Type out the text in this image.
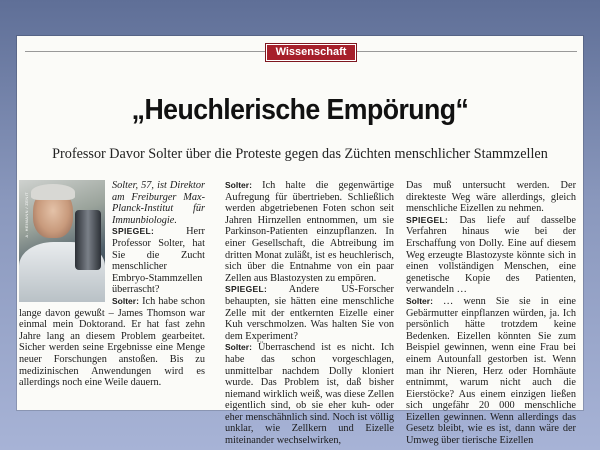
Wissenschaft
„Heuchlerische Empörung“
Professor Davor Solter über die Proteste gegen das Züchten menschlicher Stammzellen
A. HEIMANN / ZENIT

Solter, 57, ist Direktor am Freiburger Max-Planck-Institut für Immunbiologie.

SPIEGEL: Herr Professor Solter, hat Sie die Zucht menschlicher Embryo-Stammzellen überrascht?

Solter: Ich habe schon lange davon gewußt – James Thomson war einmal mein Doktorand. Er hat fast zehn Jahre lang an diesem Problem gearbeitet. Sicher werden seine Ergebnisse eine Menge neuer Forschungen anstoßen. Bis zu medizinischen Anwendungen wird es allerdings noch eine Weile dauern.

Solter: Ich halte die gegenwärtige Aufregung für übertrieben. Schließlich werden abgetriebenen Foten schon seit Jahren Hirnzellen entnommen, um sie Parkinson-Patienten einzupflanzen. In einer Gesellschaft, die Abtreibung im dritten Monat zuläßt, ist es heuchlerisch, sich über die Entnahme von ein paar Zellen aus Blastozysten zu empören.

SPIEGEL: Andere US-Forscher behaupten, sie hätten eine menschliche Zelle mit der entkernten Eizelle einer Kuh verschmolzen. Was halten Sie von dem Experiment?

Solter: Überraschend ist es nicht. Ich habe das schon vorgeschlagen, unmittelbar nachdem Dolly kloniert wurde. Das Problem ist, daß bisher niemand wirklich weiß, was diese Zellen eigentlich sind, ob sie eher kuh- oder eher menschähnlich sind. Noch ist völlig unklar, wie Zellkern und Eizelle miteinander wechselwirken,

Das muß untersucht werden. Der direkteste Weg wäre allerdings, gleich menschliche Eizellen zu nehmen.

SPIEGEL: Das liefe auf dasselbe Verfahren hinaus wie bei der Erschaffung von Dolly. Eine auf diesem Weg erzeugte Blastozyste könnte sich in einen vollständigen Menschen, eine genetische Kopie des Patienten, verwandeln …

Solter: … wenn Sie sie in eine Gebärmutter einpflanzen würden, ja. Ich persönlich hätte trotzdem keine Bedenken. Eizellen könnten Sie zum Beispiel gewinnen, wenn eine Frau bei einem Autounfall gestorben ist. Wenn man ihr Nieren, Herz oder Hornhäute entnimmt, warum nicht auch die Eierstöcke? Aus einem einzigen ließen sich ungefähr 20 000 menschliche Eizellen gewinnen. Wenn allerdings das Gesetz bleibt, wie es ist, dann wäre der Umweg über tierische Eizellen
